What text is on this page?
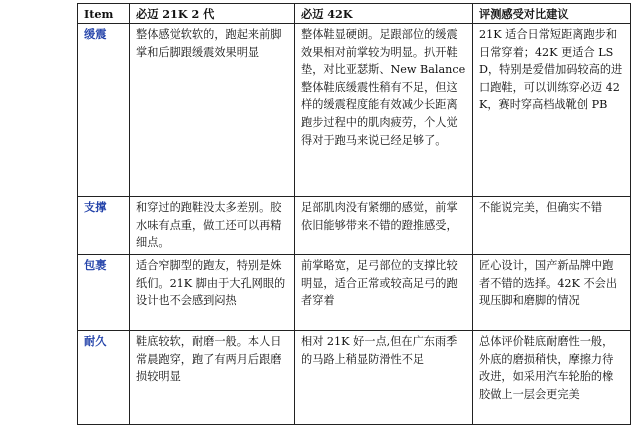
Item	必迈 21K 2 代	必迈 42K	评测感受对比建议
缓震	整体感觉软软的，跑起来前脚掌和后脚跟缓震效果明显	整体鞋显硬朗。足跟部位的缓震效果相对前掌较为明显。扒开鞋垫，对比亚瑟斯、New Balance 整体鞋底缓震性稍有不足，但这样的缓震程度能有效减少长距离跑步过程中的肌肉疲劳，个人觉得对于跑马来说已经足够了。	21K 适合日常短距离跑步和日常穿着；42K 更适合 LSD，特别是爱借加码较高的进口跑鞋，可以训练穿必迈 42K，赛时穿高档战靴创 PB
支撑	和穿过的跑鞋没太多差别。胶水味有点重，做工还可以再精细点。	足部肌肉没有紧绷的感觉，前掌依旧能够带来不错的蹬推感受，	不能说完美，但确实不错
包裹	适合窄脚型的跑友，特别是姝纸们。21K 脚由于大孔网眼的设计也不会感到闷热	前掌略宽，足弓部位的支撑比较明显，适合正常或较高足弓的跑者穿着	匠心设计，国产新品牌中跑者不错的选择。42K 不会出现压脚和磨脚的情况
耐久	鞋底较软，耐磨一般。本人日常晨跑穿，跑了有两月后跟磨损较明显	相对 21K 好一点,但在广东雨季的马路上稍显防滑性不足	总体评价鞋底耐磨性一般，外底的磨损稍快，摩擦力待改进，如采用汽车轮胎的橡胶做上一层会更完美
